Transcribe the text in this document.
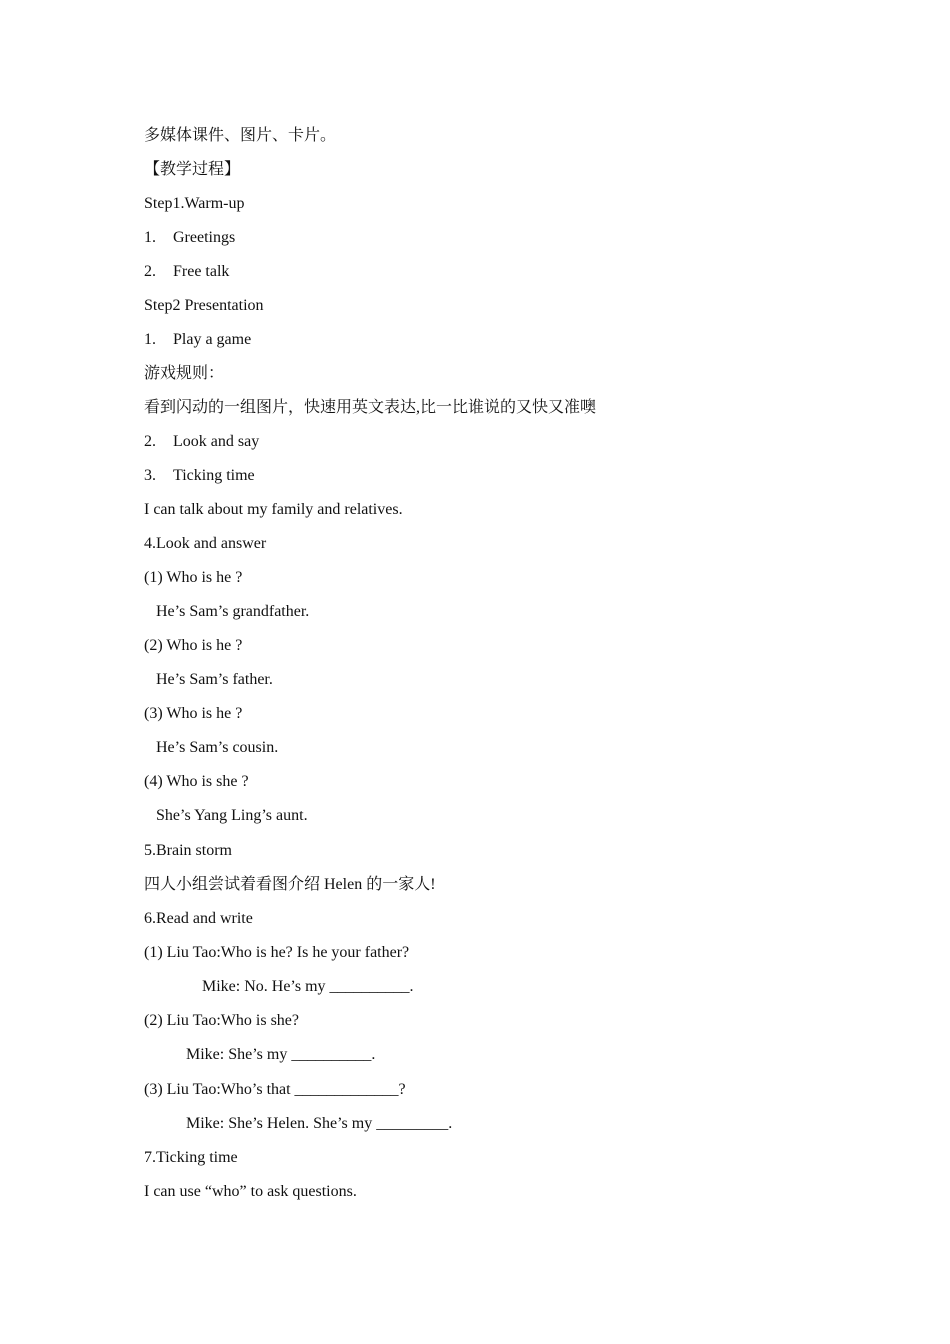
多媒体课件、图片、卡片。
【教学过程】
Step1.Warm-up
1. Greetings
2. Free talk
Step2 Presentation
1. Play a game
游戏规则：
看到闪动的一组图片，快速用英文表达,比一比谁说的又快又准噢
2. Look and say
3. Ticking time
I can talk about my family and relatives.
4.Look and answer
(1) Who is he ?
He’s Sam’s grandfather.
(2) Who is he ?
He’s Sam’s father.
(3) Who is he ?
He’s Sam’s cousin.
(4) Who is she ?
She’s Yang Ling’s aunt.
5.Brain storm
四人小组尝试着看图介绍 Helen 的一家人!
6.Read and write
(1) Liu Tao:Who is he? Is he your father?
Mike: No. He’s my __________.
(2) Liu Tao:Who is she?
Mike: She’s my __________.
(3) Liu Tao:Who’s that _____________?
Mike: She’s Helen. She’s my _________.
7.Ticking time
I can use “who” to ask questions.
